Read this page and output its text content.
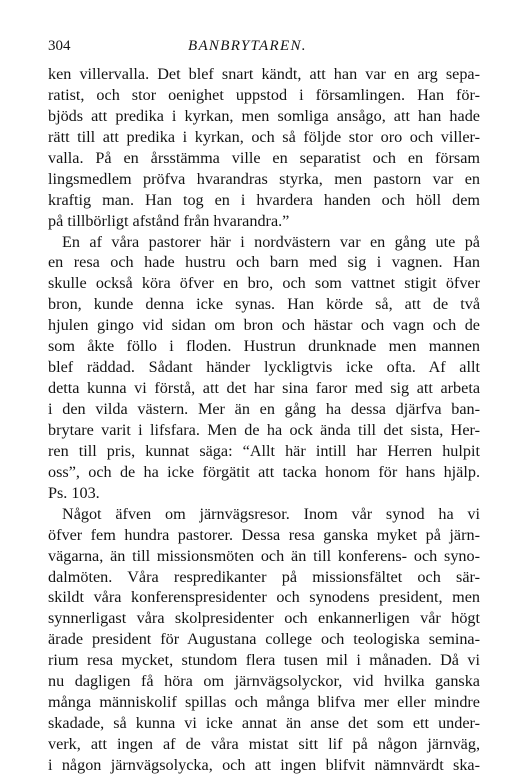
304	BANBRYTAREN.
ken villervalla. Det blef snart kändt, att han var en arg sepa-
ratist, och stor oenighet uppstod i församlingen. Han för-
bjöds att predika i kyrkan, men somliga ansågo, att han hade
rätt till att predika i kyrkan, och så följde stor oro och viller-
valla. På en årsstämma ville en separatist och en försam
lingsmedlem pröfva hvarandras styrka, men pastorn var en
kraftig man. Han tog en i hvardera handen och höll dem
på tillbörligt afstånd från hvarandra.”
En af våra pastorer här i nordvästern var en gång ute på
en resa och hade hustru och barn med sig i vagnen. Han
skulle också köra öfver en bro, och som vattnet stigit öfver
bron, kunde denna icke synas. Han körde så, att de två
hjulen gingo vid sidan om bron och hästar och vagn och de
som åkte föllo i floden. Hustrun drunknade men mannen
blef räddad. Sådant händer lyckligtvis icke ofta. Af allt
detta kunna vi förstå, att det har sina faror med sig att arbeta
i den vilda västern. Mer än en gång ha dessa djärfva ban-
brytare varit i lifsfara. Men de ha ock ända till det sista, Her-
ren till pris, kunnat säga: “Allt här intill har Herren hulpit
oss”, och de ha icke förgätit att tacka honom för hans hjälp.
Ps. 103.
Något äfven om järnvägsresor. Inom vår synod ha vi
öfver fem hundra pastorer. Dessa resa ganska myket på järn-
vägarna, än till missionsmöten och än till konferens- och syno-
dalmöten. Våra respredikanter på missionsfältet och sär-
skildt våra konferenspresidenter och synodens president, men
synnerligast våra skolpresidenter och enkannerligen vår högt
ärade president för Augustana college och teologiska semina-
rium resa mycket, stundom flera tusen mil i månaden. Då vi
nu dagligen få höra om järnvägsolyckor, vid hvilka ganska
många människolif spillas och många blifva mer eller mindre
skadade, så kunna vi icke annat än anse det som ett under-
verk, att ingen af de våra mistat sitt lif på någon järnväg,
i någon järnvägsolycka, och att ingen blifvit nämnvärdt ska-
